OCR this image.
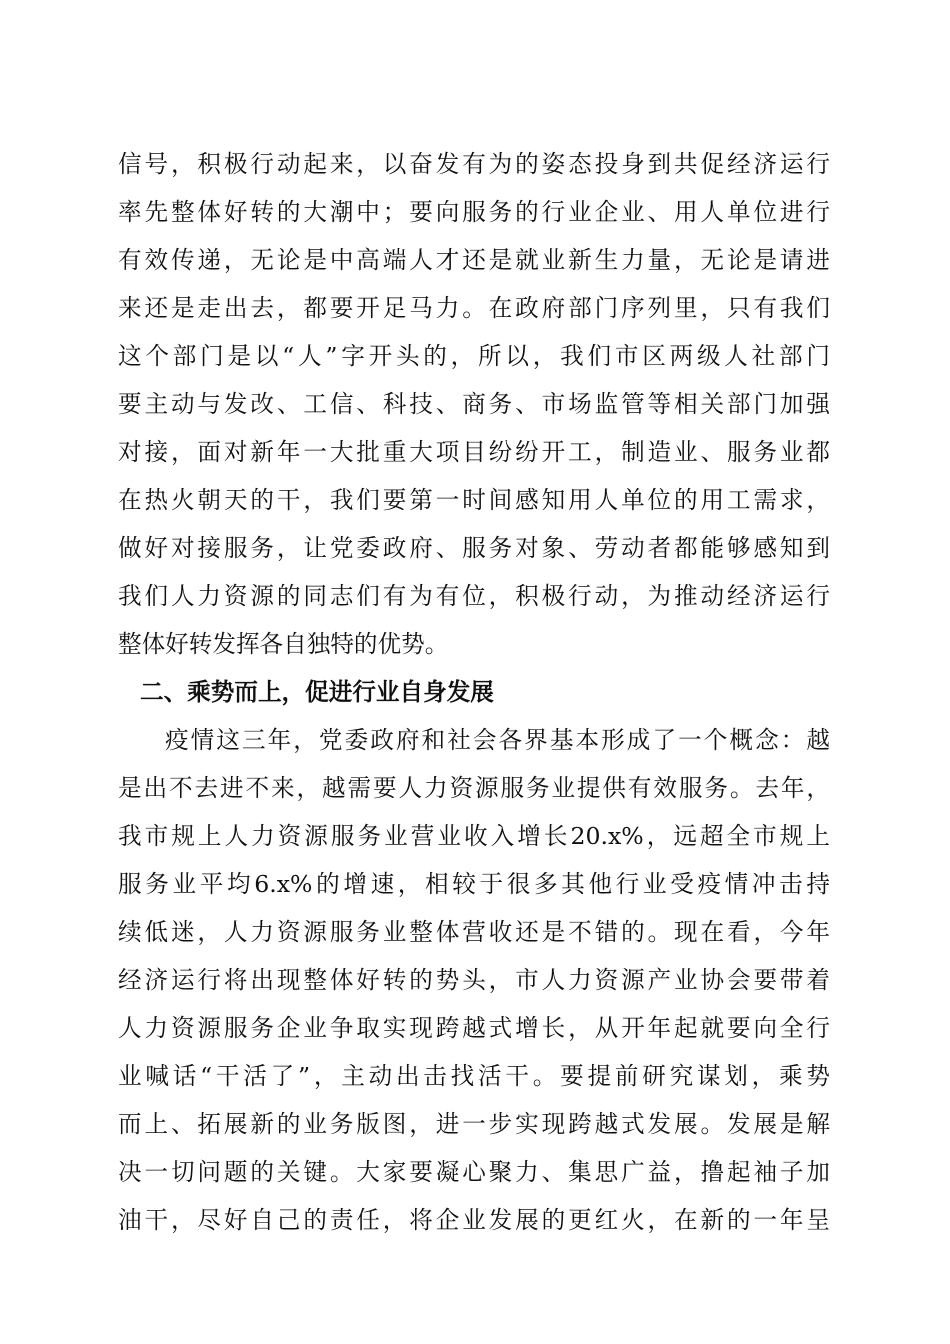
信号，积极行动起来，以奋发有为的姿态投身到共促经济运行
率先整体好转的大潮中；要向服务的行业企业、用人单位进行
有效传递，无论是中高端人才还是就业新生力量，无论是请进
来还是走出去，都要开足马力。在政府部门序列里，只有我们
这个部门是以“人”字开头的，所以，我们市区两级人社部门
要主动与发改、工信、科技、商务、市场监管等相关部门加强
对接，面对新年一大批重大项目纷纷开工，制造业、服务业都
在热火朝天的干，我们要第一时间感知用人单位的用工需求，
做好对接服务，让党委政府、服务对象、劳动者都能够感知到
我们人力资源的同志们有为有位，积极行动，为推动经济运行
整体好转发挥各自独特的优势。
二、乘势而上，促进行业自身发展
疫情这三年，党委政府和社会各界基本形成了一个概念：越
是出不去进不来，越需要人力资源服务业提供有效服务。去年，
我市规上人力资源服务业营业收入增长20.x%，远超全市规上
服务业平均6.x%的增速，相较于很多其他行业受疫情冲击持
续低迷，人力资源服务业整体营收还是不错的。现在看，今年
经济运行将出现整体好转的势头，市人力资源产业协会要带着
人力资源服务企业争取实现跨越式增长，从开年起就要向全行
业喊话“干活了”，主动出击找活干。要提前研究谋划，乘势
而上、拓展新的业务版图，进一步实现跨越式发展。发展是解
决一切问题的关键。大家要凝心聚力、集思广益，撸起袖子加
油干，尽好自己的责任，将企业发展的更红火，在新的一年呈
